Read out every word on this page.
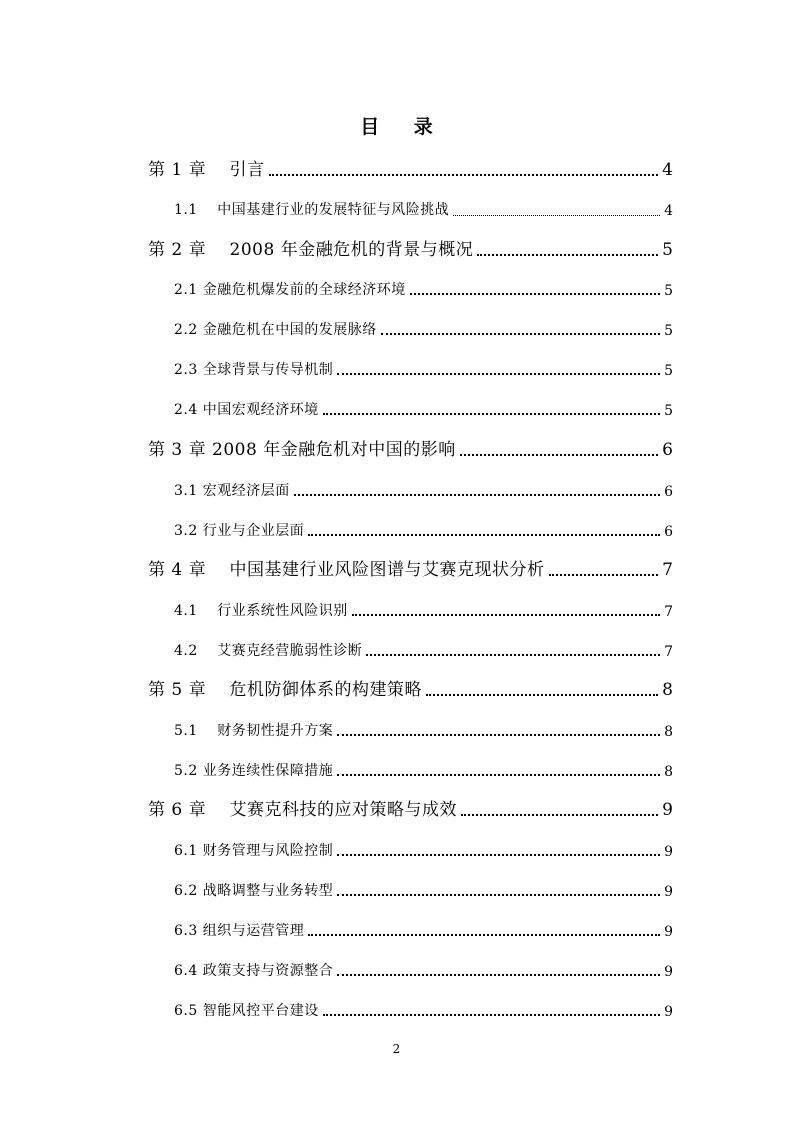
目 录
第 1 章　 引言	4
1.1　 中国基建行业的发展特征与风险挑战	4
第 2 章　 2008 年金融危机的背景与概况	5
2.1 金融危机爆发前的全球经济环境	5
2.2 金融危机在中国的发展脉络	5
2.3 全球背景与传导机制	5
2.4 中国宏观经济环境	5
第 3 章 2008 年金融危机对中国的影响	6
3.1 宏观经济层面	6
3.2 行业与企业层面	6
第 4 章　 中国基建行业风险图谱与艾赛克现状分析	7
4.1　 行业系统性风险识别	7
4.2　 艾赛克经营脆弱性诊断	7
第 5 章　 危机防御体系的构建策略	8
5.1　 财务韧性提升方案	8
5.2 业务连续性保障措施	8
第 6 章　 艾赛克科技的应对策略与成效	9
6.1 财务管理与风险控制	9
6.2 战略调整与业务转型	9
6.3 组织与运营管理	9
6.4 政策支持与资源整合	9
6.5 智能风控平台建设	9
2
